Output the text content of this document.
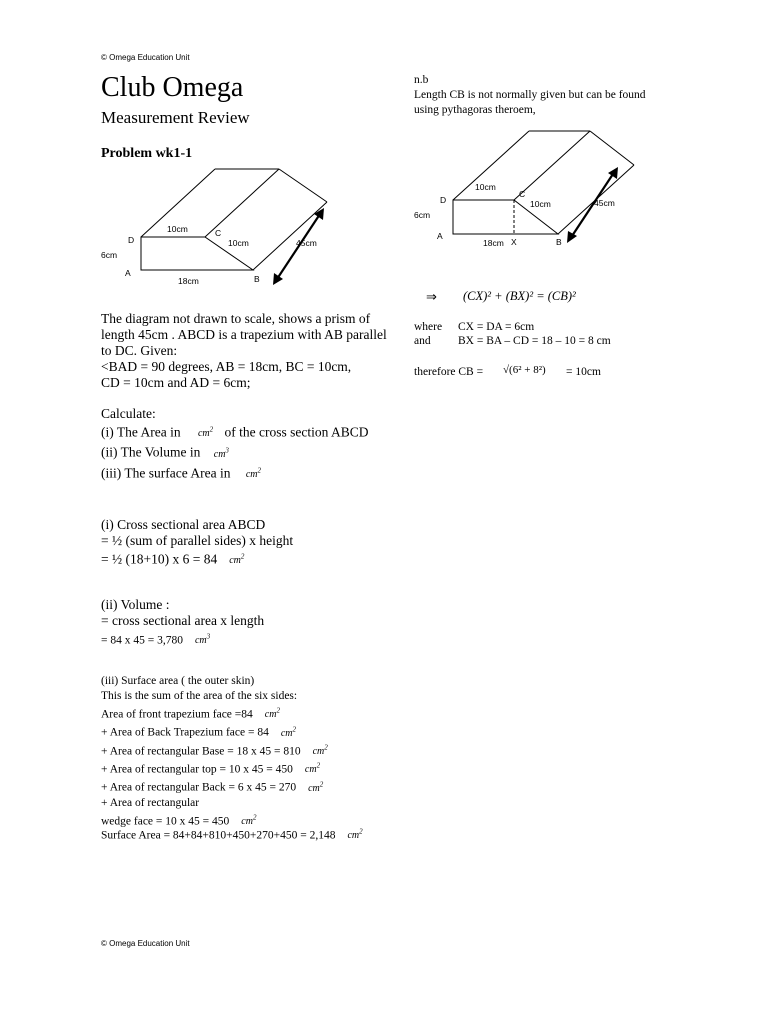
© Omega Education Unit
Club Omega
Measurement Review
Problem wk1-1
D
A
B
C
10cm
10cm
6cm
18cm
45cm
The diagram not drawn to scale, shows a prism of
length 45cm . ABCD is a trapezium with AB parallel
to DC. Given:
<BAD = 90 degrees, AB = 18cm, BC = 10cm,
CD = 10cm and AD = 6cm;
Calculate:
(i) The Area in $cm^2$ of the cross section ABCD
(ii) The Volume in $cm^3$
(iii) The surface Area in $cm^2$
(i) Cross sectional area ABCD
= ½ (sum of parallel sides) x height
= ½ (18+10) x 6 = 84 $cm^2$
(ii) Volume :
= cross sectional area x length
= 84 x 45 = 3,780 $cm^3$
(iii) Surface area ( the outer skin)
This is the sum of the area of the six sides:
Area of front trapezium face =84 $cm^2$
+ Area of Back Trapezium face = 84 $cm^2$
+ Area of rectangular Base = 18 x 45 = 810 $cm^2$
+ Area of rectangular top = 10 x 45 = 450 $cm^2$
+ Area of rectangular Back = 6 x 45 = 270 $cm^2$
+ Area of rectangular
wedge face = 10 x 45 = 450 $cm^2$
Surface Area = 84+84+810+450+270+450 = 2,148 $cm^2$
n.b
Length CB is not normally given but can be found
using pythagoras theroem,
D
A
B
C
X
10cm
10cm
6cm
18cm
45cm
⇒ (CX)² + (BX)² = (CB)²
where CX = DA = 6cm
and BX = BA – CD = 18 – 10 = 8 cm
therefore CB = √(6² + 8²) = 10cm
© Omega Education Unit
